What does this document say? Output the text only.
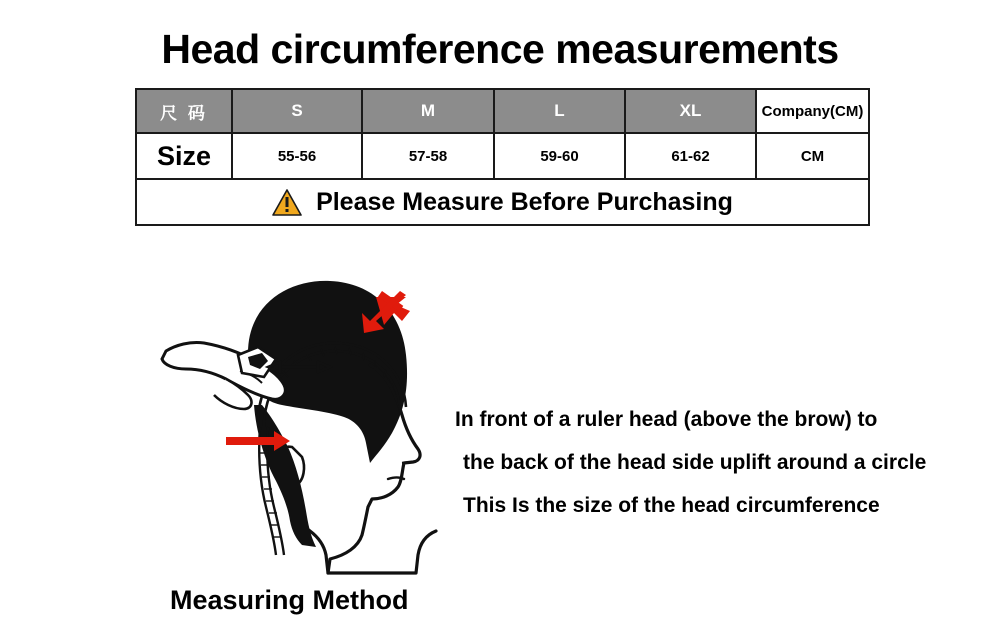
Head circumference measurements
尺 码	S	M	L	XL	Company(CM)
Size	55-56	57-58	59-60	61-62	CM

Please Measure Before Purchasing					
Measuring Method
In front of a ruler head (above the brow) to
the back of the head side uplift around a circle
This Is the size of the head circumference
